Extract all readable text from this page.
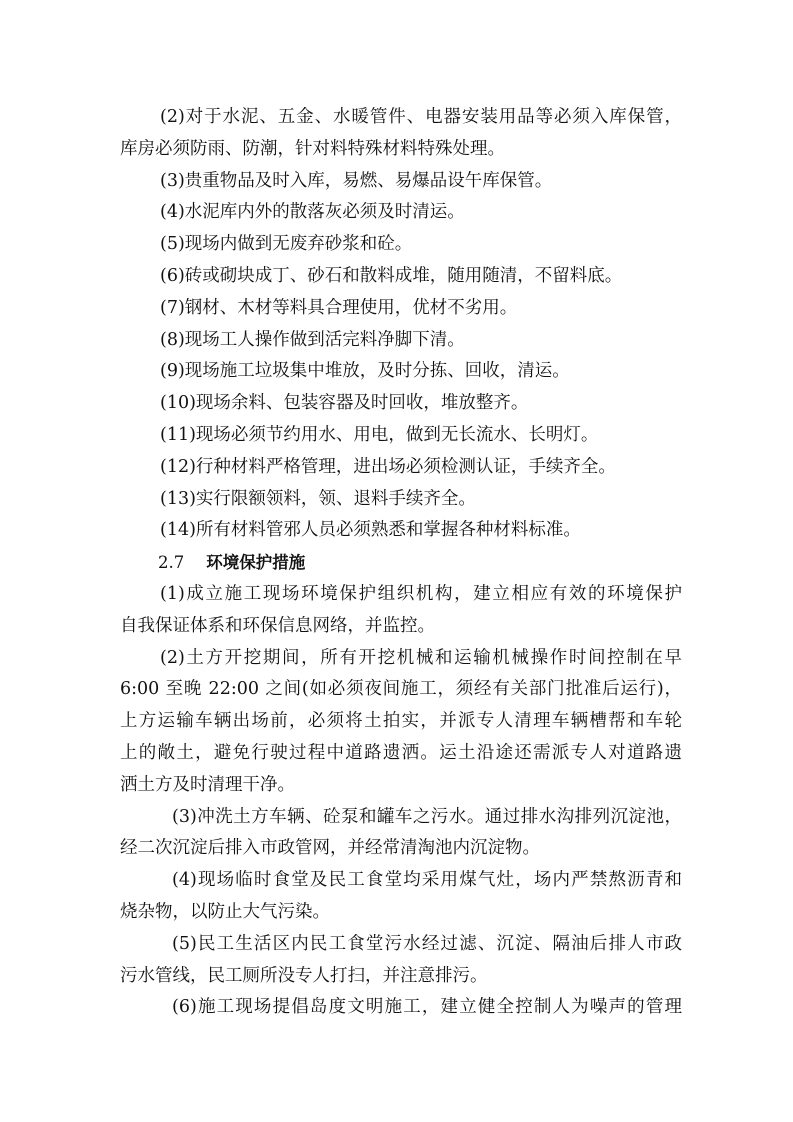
(2)对于水泥、五金、水暖管件、电器安装用品等必须入库保管，
库房必须防雨、防潮，针对料特殊材料特殊处理。
(3)贵重物品及时入库，易燃、易爆品设午库保管。
(4)水泥库内外的散落灰必须及时清运。
(5)现场内做到无废弃砂浆和砼。
(6)砖或砌块成丁、砂石和散料成堆，随用随清，不留料底。
(7)钢材、木材等料具合理使用，优材不劣用。
(8)现场工人操作做到活完料净脚下清。
(9)现场施工垃圾集中堆放，及时分拣、回收，清运。
(10)现场余料、包装容器及时回收，堆放整齐。
(11)现场必须节约用水、用电，做到无长流水、长明灯。
(12)行种材料严格管理，进出场必须检测认证，手续齐全。
(13)实行限额领料，领、退料手续齐全。
(14)所有材料管邪人员必须熟悉和掌握各种材料标准。
2.7 环境保护措施
(1)成立施工现场环境保护组织机构，建立相应有效的环境保护
自我保证体系和环保信息网络，并监控。
(2)土方开挖期间，所有开挖机械和运输机械操作时间控制在早
6:00 至晚 22:00 之间(如必须夜间施工，须经有关部门批准后运行)，
上方运输车辆出场前，必须将土拍实，并派专人清理车辆槽帮和车轮
上的敞土，避免行驶过程中道路遗洒。运土沿途还需派专人对道路遗
洒土方及时清理干净。
(3)冲洗土方车辆、砼泵和罐车之污水。通过排水沟排列沉淀池，
经二次沉淀后排入市政管网，并经常清淘池内沉淀物。
(4)现场临时食堂及民工食堂均采用煤气灶，场内严禁熬沥青和
烧杂物，以防止大气污染。
(5)民工生活区内民工食堂污水经过滤、沉淀、隔油后排人市政
污水管线，民工厕所没专人打扫，并注意排污。
(6)施工现场提倡岛度文明施工，建立健全控制人为噪声的管理
